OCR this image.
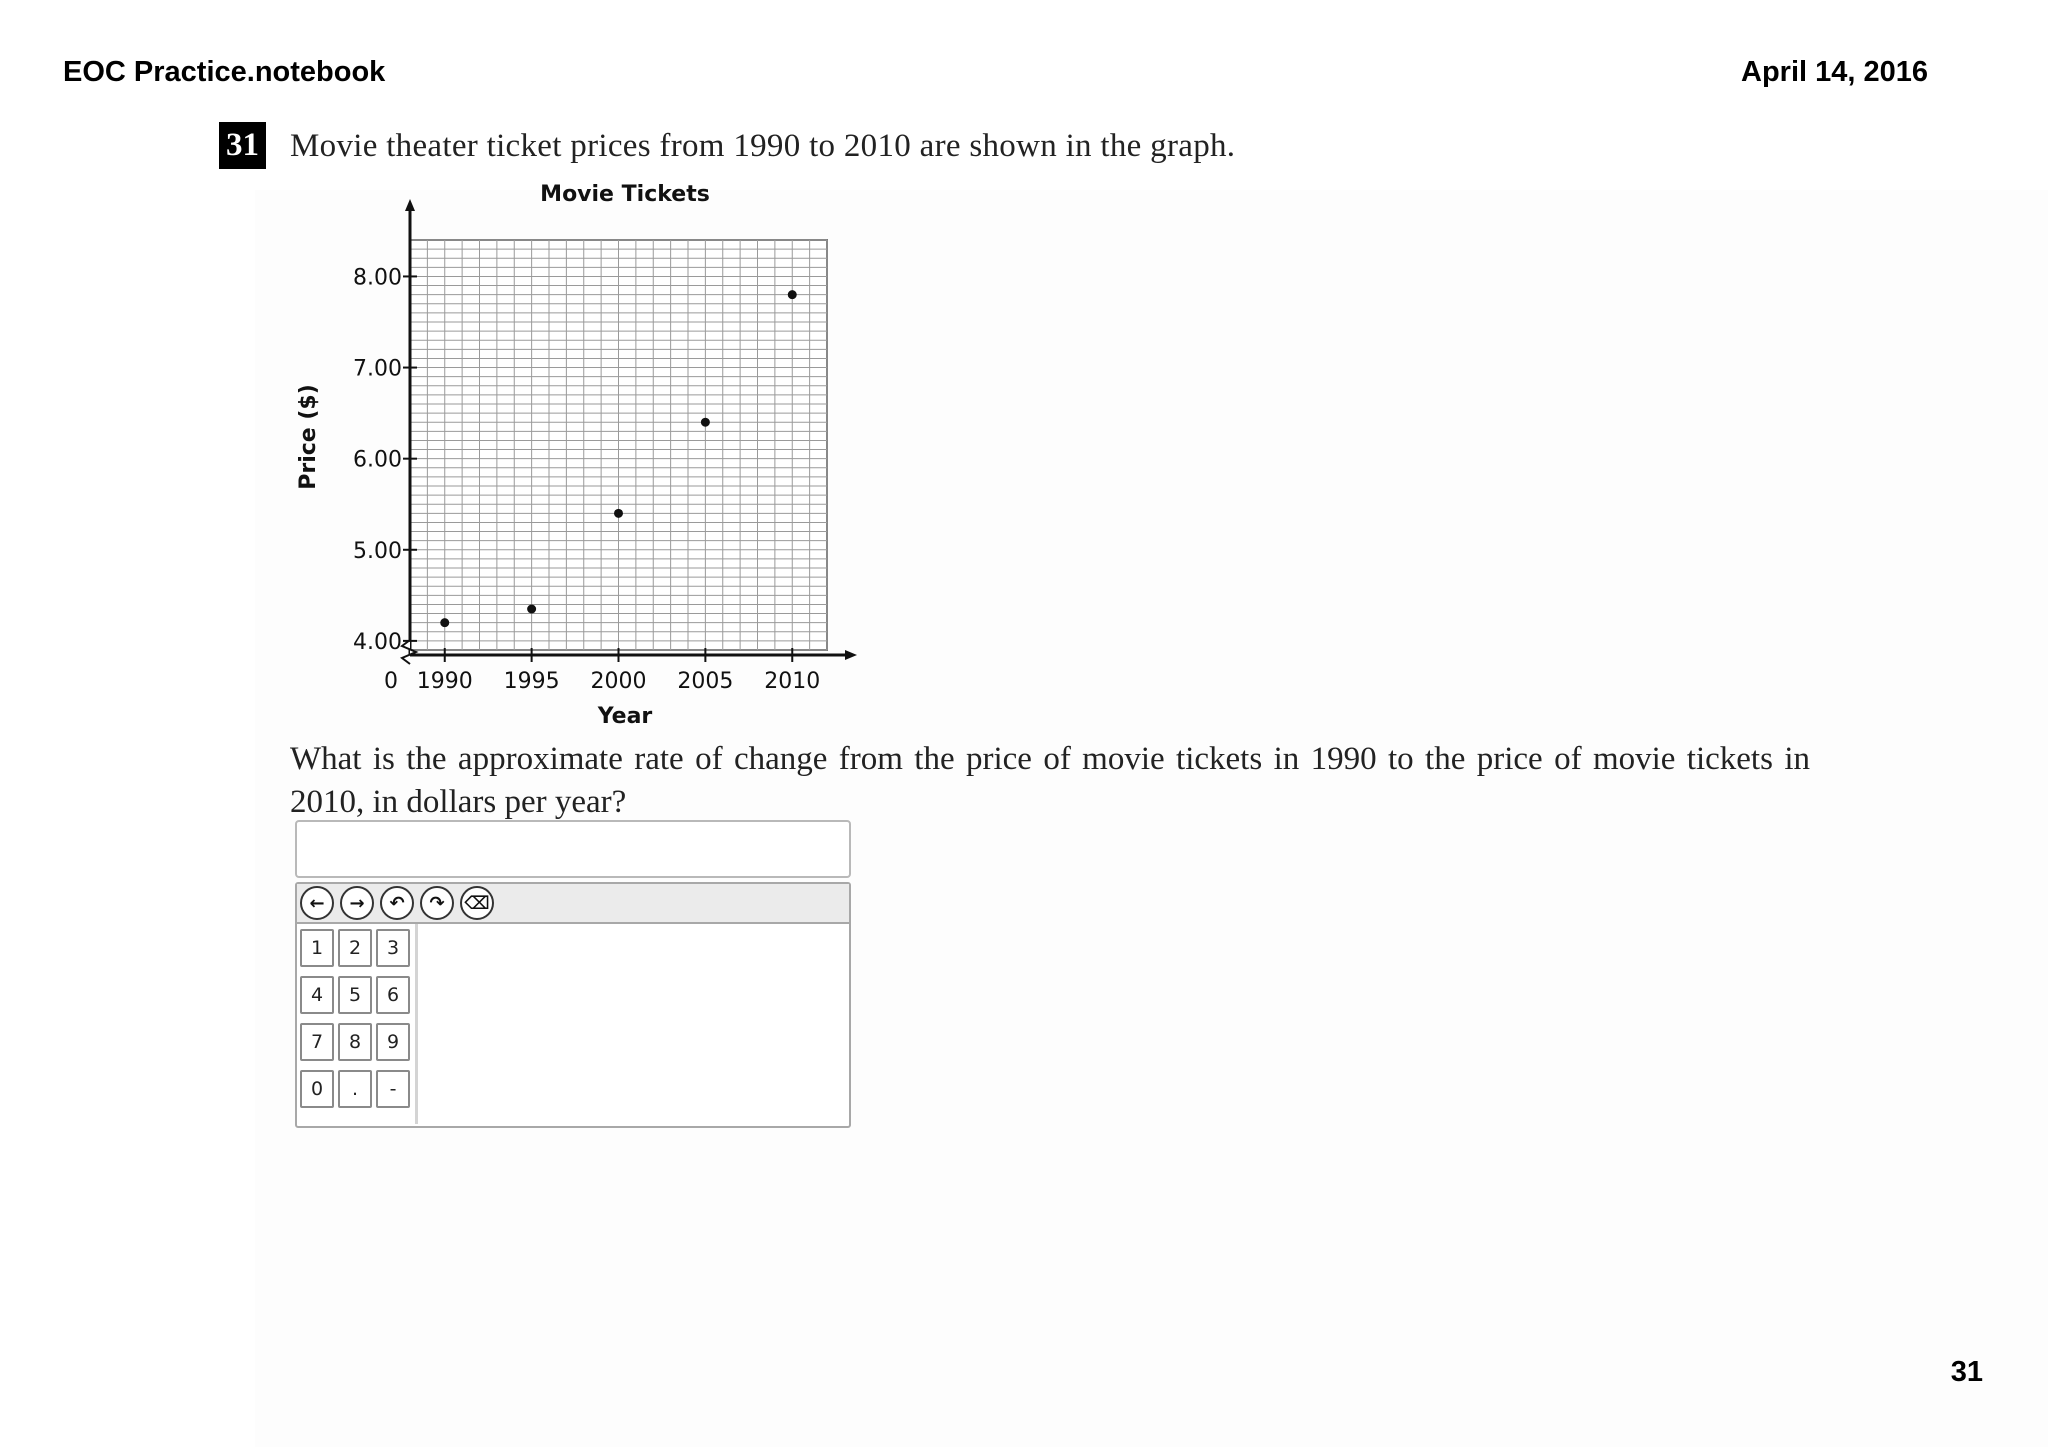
EOC Practice.notebook	April 14, 2016
31 Movie theater ticket prices from 1990 to 2010 are shown in the graph.
Movie Tickets
Year
Price ($)
4.00
5.00
6.00
7.00
8.00
1990 1995 2000 2005 2010
0
What is the approximate rate of change from the price of movie tickets in 1990 to the price of movie tickets in 2010, in dollars per year?
← → ↶ ↷ ⌫
1	2	3
4	5	6
7	8	9
0	.	-
31
